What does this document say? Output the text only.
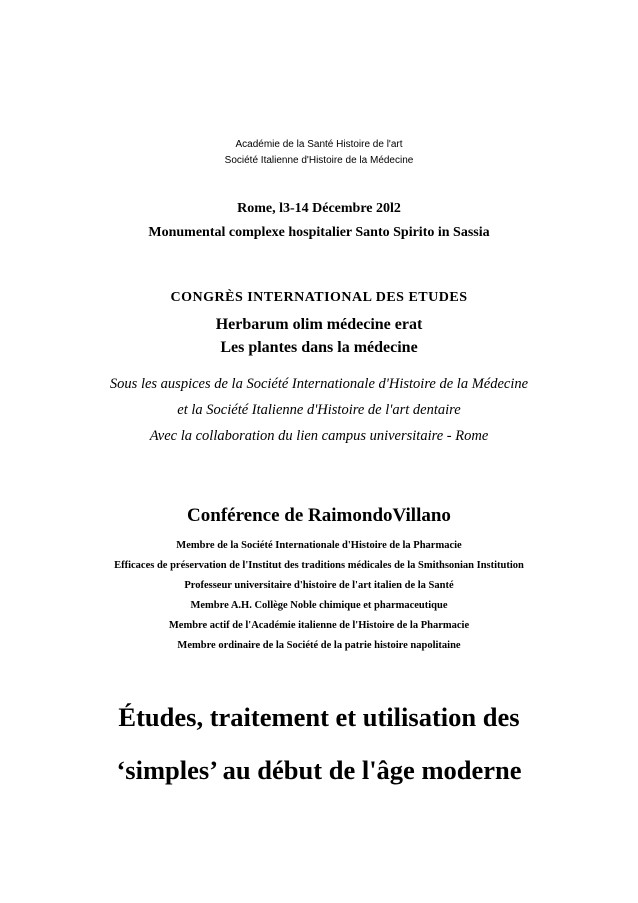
Académie de la Santé Histoire de l'art
Société Italienne d'Histoire de la Médecine
Rome, l3-14 Décembre 20l2
Monumental complexe hospitalier Santo Spirito in Sassia
CONGRÈS INTERNATIONAL DES ETUDES
Herbarum olim médecine erat
Les plantes dans la médecine
Sous les auspices de la Société Internationale d'Histoire de la Médecine
et la Société Italienne d'Histoire de l'art dentaire
Avec la collaboration du lien campus universitaire - Rome
Conférence de RaimondoVillano
Membre de la Société Internationale d'Histoire de la Pharmacie
Efficaces de préservation de l'Institut des traditions médicales de la Smithsonian Institution
Professeur universitaire d'histoire de l'art italien de la Santé
Membre A.H. Collège Noble chimique et pharmaceutique
Membre actif de l'Académie italienne de l'Histoire de la Pharmacie
Membre ordinaire de la Société de la patrie histoire napolitaine
Études, traitement et utilisation des
‘simples’ au début de l'âge moderne
